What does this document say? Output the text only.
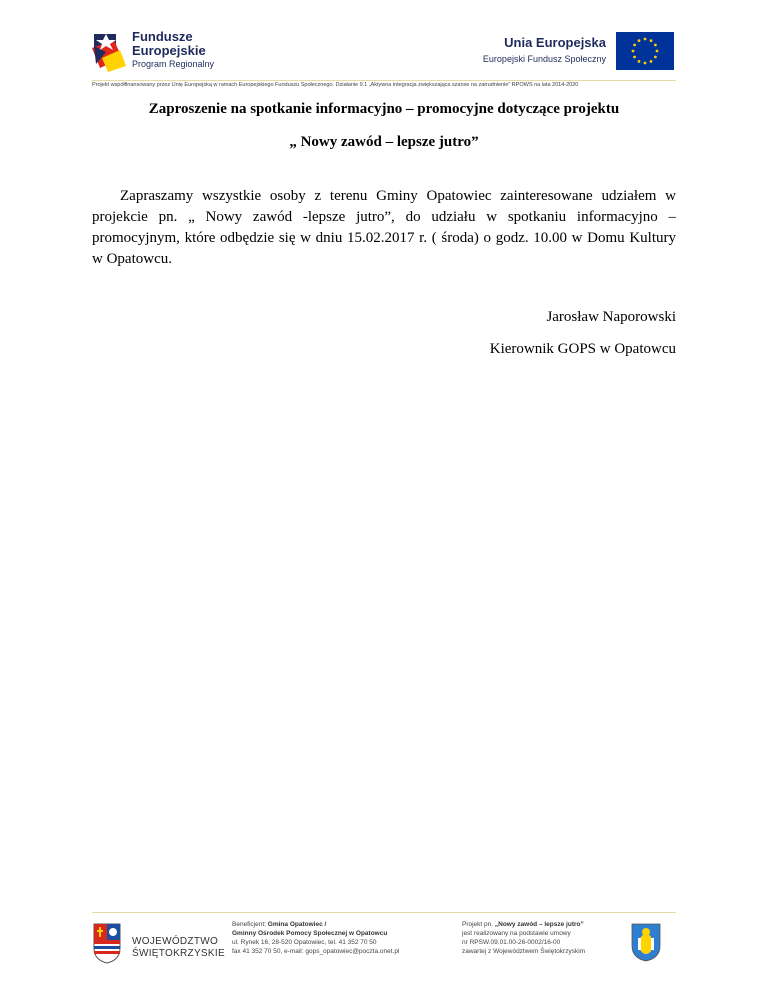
Fundusze
Europejskie
Program Regionalny
Unia Europejska
Europejski Fundusz Społeczny
Projekt współfinansowany przez Unię Europejską w ramach Europejskiego Funduszu Społecznego. Działanie 9.1 „Aktywna integracja zwiększająca szanse na zatrudnienie” RPOWS na lata 2014-2020
Zaproszenie na spotkanie informacyjno – promocyjne dotyczące projektu
„ Nowy zawód – lepsze jutro”
Zapraszamy wszystkie osoby z terenu Gminy Opatowiec zainteresowane udziałem w projekcie pn. „ Nowy zawód -lepsze jutro”, do udziału w spotkaniu informacyjno – promocyjnym, które odbędzie się w dniu 15.02.2017 r. ( środa) o godz. 10.00 w Domu Kultury w Opatowcu.
Jarosław Naporowski
Kierownik GOPS w Opatowcu
WOJEWÓDZTWO
ŚWIĘTOKRZYSKIE
Beneficjent: Gmina Opatowiec /
Gminny Ośrodek Pomocy Społecznej w Opatowcu
ul. Rynek 16, 28-520 Opatowiec, tel. 41 352 70 50
fax 41 352 70 50, e-mail: gops_opatowiec@poczta.onet.pl
Projekt pn. „Nowy zawód – lepsze jutro”
jest realizowany na podstawie umowy
nr RPSW.09.01.00-26-0002/16-00
zawartej z Województwem Świętokrzyskim
